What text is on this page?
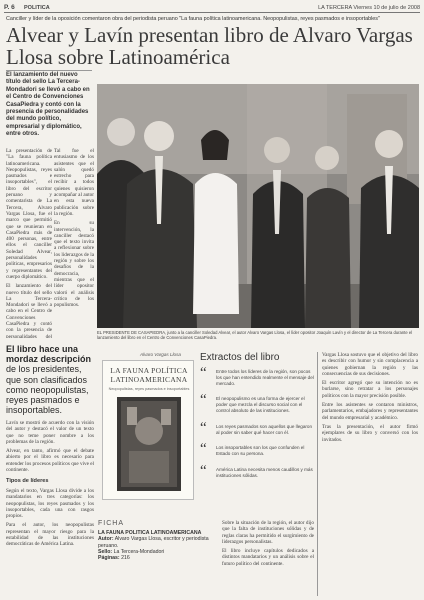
P. 6 POLITICA	LA TERCERA Viernes 10 de julio de 2008
Canciller y líder de la oposición comentaron obra del periodista peruano "La fauna política latinoamericana. Neopopulistas, reyes pasmados e insoportables"
Alvear y Lavín presentan libro de Alvaro Vargas Llosa sobre Latinoamérica
El lanzamiento del nuevo título del sello La Tercera-Mondadori se llevó a cabo en el Centro de Convenciones CasaPiedra y contó con la presencia de personalidades del mundo político, empresarial y diplomático, entre otros.

La presentación de "La fauna política latinoamericana. Neopopulistas, reyes pasmados e insoportables", el libro del escritor peruano y comentarista de La Tercera, Alvaro Vargas Llosa, fue el marco que permitió que se reunieran en CasaPiedra más de 400 personas, entre ellos el canciller Soledad Alvear, personalidades políticas, empresarios y representantes del cuerpo diplomático.

El lanzamiento del nuevo título del sello La Tercera-Mondadori se llevó a cabo en el Centro de Convenciones CasaPiedra y contó con la presencia de personalidades del

Tal fue el entusiasmo de los asistentes que el salón quedó estrecho para recibir a todos quienes quisieron acompañar al autor en esta nueva publicación sobre la región.

En su intervención, la canciller destacó que el texto invita a reflexionar sobre los liderazgos de la región y sobre los desafíos de la democracia, mientras que el líder opositor valoró el análisis crítico de los populismos.

EL PRESIDENTE DE CASAPIEDRA, junto a la canciller Soledad Alvear, el autor Alvaro Vargas Llosa, el líder opositor Joaquín Lavín y el director de La Tercera durante el lanzamiento del libro en el Centro de Convenciones CasaPiedra.
El libro hace una mordaz descripción de los presidentes, que son clasificados como neopopulistas, reyes pasmados e insoportables.

Lavín se mostró de acuerdo con la visión del autor y destacó el valor de un texto que no teme poner nombre a los problemas de la región.

Alvear, en tanto, afirmó que el debate abierto por el libro es necesario para entender los procesos políticos que vive el continente.

Tipos de líderes

Según el texto, Vargas Llosa divide a los mandatarios en tres categorías: los neopopulistas, los reyes pasmados y los insoportables, cada una con rasgos propios.

Para el autor, los neopopulistas representan el mayor riesgo para la estabilidad de las instituciones democráticas de América Latina.

Alvaro Vargas Llosa
LA FAUNA POLÍTICA
LATINOAMERICANA
Neopopulistas, reyes pasmados e insoportables
FICHA
LA FAUNA POLITICA LATINOAMERICANA
Autor: Alvaro Vargas Llosa, escritor y periodista peruano.
Sello: La Tercera-Mondadori
Páginas: 216

Sobre la situación de la región, el autor dijo que la falta de instituciones sólidas y de reglas claras ha permitido el surgimiento de liderazgos personalistas.

El libro incluye capítulos dedicados a distintos mandatarios y un análisis sobre el futuro político del continente.

Extractos del libro
“ Entre todos los líderes de la región, son pocos los que han entendido realmente el mensaje del mercado.
“ El neopopulismo es una forma de ejercer el poder que mezcla el discurso social con el control absoluto de las instituciones.
“ Los reyes pasmados son aquellos que llegaron al poder sin saber qué hacer con él.
“ Los insoportables son los que confunden el Estado con su persona.
“ América Latina necesita menos caudillos y más instituciones sólidas.

Vargas Llosa sostuvo que el objetivo del libro es describir con humor y sin complacencia a quienes gobiernan la región y las consecuencias de sus decisiones.

El escritor agregó que su intención no es burlarse, sino retratar a los personajes políticos con la mayor precisión posible.

Entre los asistentes se contaron ministros, parlamentarios, embajadores y representantes del mundo empresarial y académico.

Tras la presentación, el autor firmó ejemplares de su libro y conversó con los invitados.
